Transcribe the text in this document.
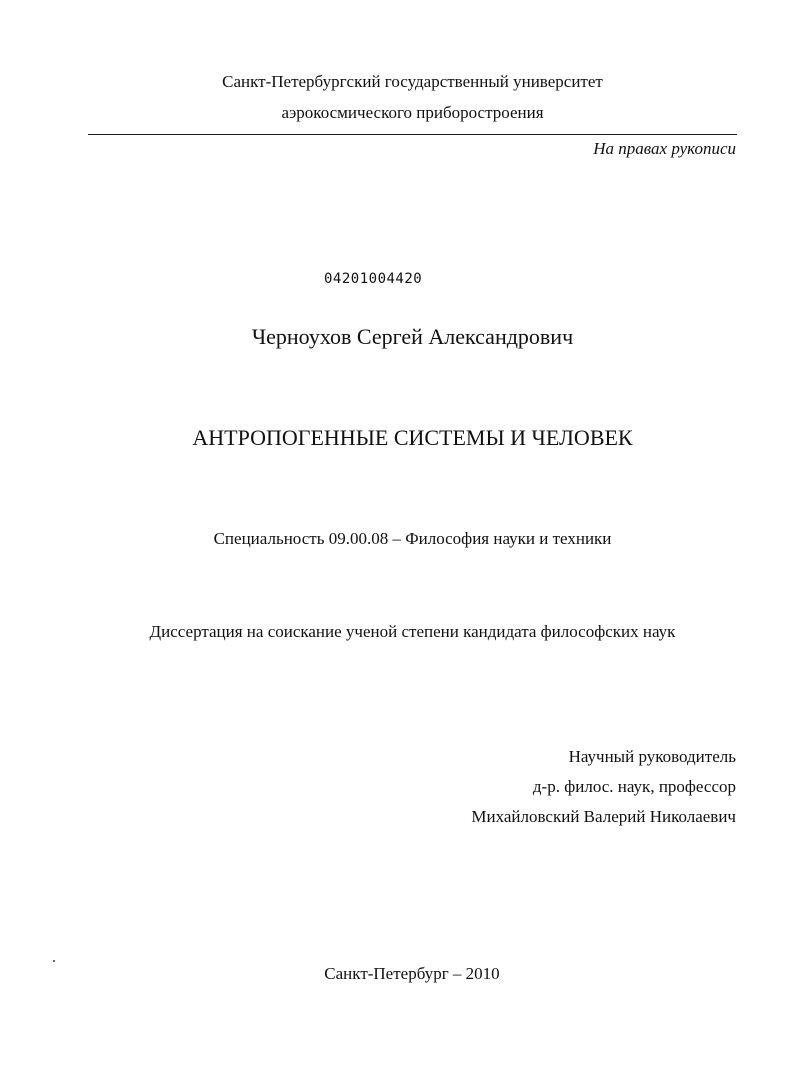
Санкт-Петербургский государственный университет
аэрокосмического приборостроения
На правах рукописи
04201004420
Черноухов Сергей Александрович
АНТРОПОГЕННЫЕ СИСТЕМЫ И ЧЕЛОВЕК
Специальность 09.00.08 – Философия науки и техники
Диссертация на соискание ученой степени кандидата философских наук
Научный руководитель
д-р. филос. наук, профессор
Михайловский Валерий Николаевич
Санкт-Петербург – 2010
